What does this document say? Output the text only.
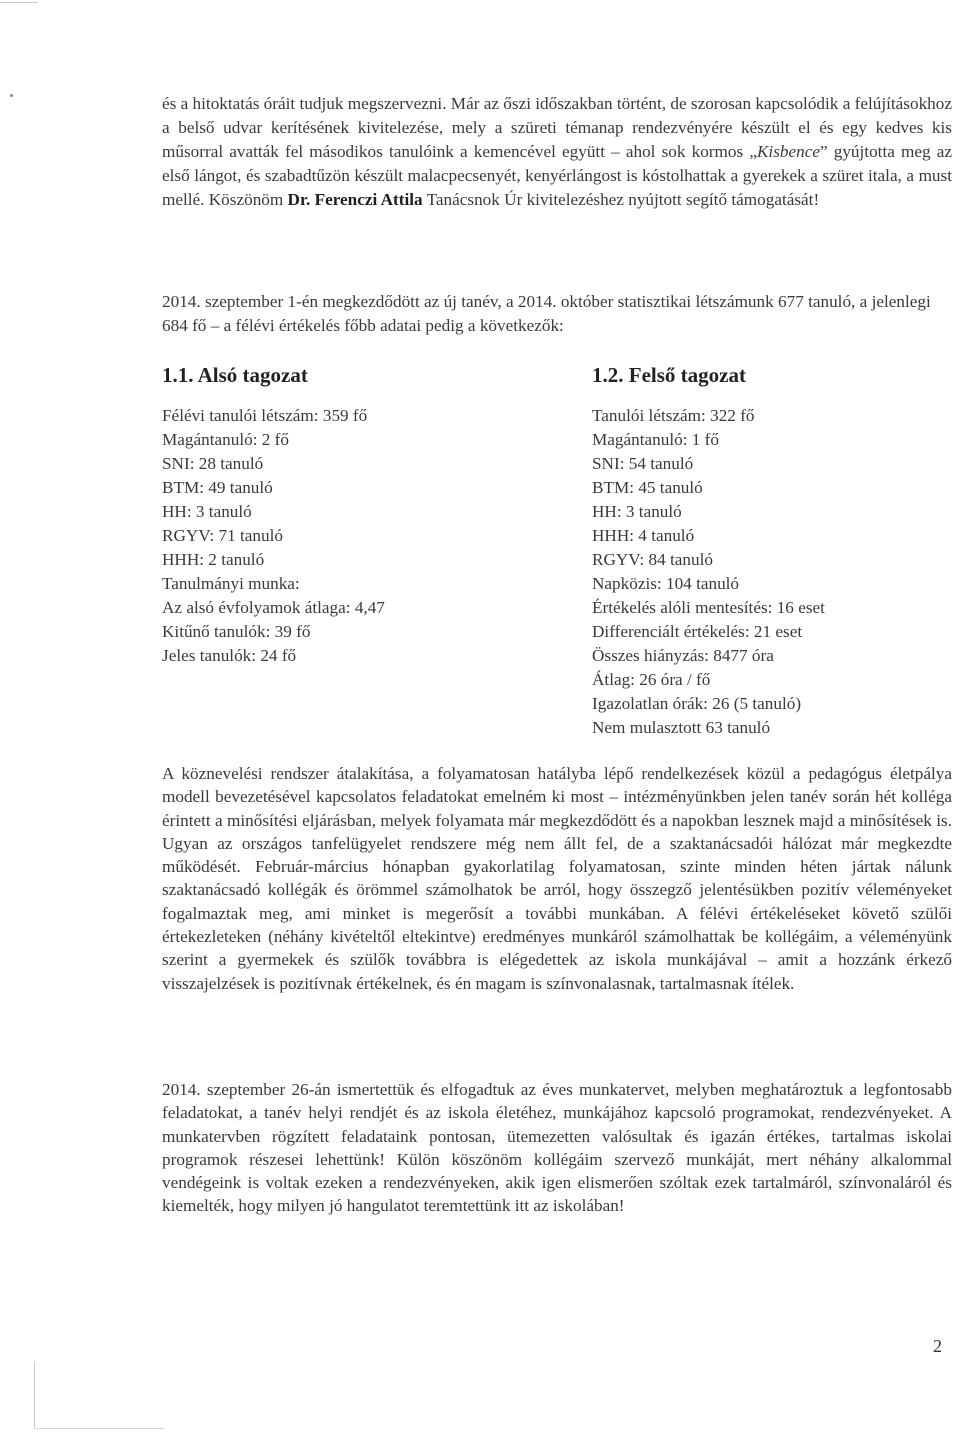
és a hitoktatás óráit tudjuk megszervezni. Már az őszi időszakban történt, de szorosan kapcsolódik a felújításokhoz a belső udvar kerítésének kivitelezése, mely a szüreti témanap rendezvényére készült el és egy kedves kis műsorral avatták fel másodikos tanulóink a kemencével együtt – ahol sok kormos „Kisbence” gyújtotta meg az első lángot, és szabadtűzön készült malacpecsenyét, kenyérlángost is kóstolhattak a gyerekek a szüret itala, a must mellé. Köszönöm Dr. Ferenczi Attila Tanácsnok Úr kivitelezéshez nyújtott segítő támogatását!

2014. szeptember 1-én megkezdődött az új tanév, a 2014. október statisztikai létszámunk 677 tanuló, a jelenlegi 684 fő – a félévi értékelés főbb adatai pedig a következők:

1.1. Alsó tagozat
Félévi tanulói létszám: 359 fő
Magántanuló: 2 fő
SNI: 28 tanuló
BTM: 49 tanuló
HH: 3 tanuló
RGYV: 71 tanuló
HHH: 2 tanuló
Tanulmányi munka:
Az alsó évfolyamok átlaga: 4,47
Kitűnő tanulók: 39 fő
Jeles tanulók: 24 fő
1.2. Felső tagozat
Tanulói létszám: 322 fő
Magántanuló: 1 fő
SNI: 54 tanuló
BTM: 45 tanuló
HH: 3 tanuló
HHH: 4 tanuló
RGYV: 84 tanuló
Napközis: 104 tanuló
Értékelés alóli mentesítés: 16 eset
Differenciált értékelés: 21 eset
Összes hiányzás: 8477 óra
Átlag: 26 óra / fő
Igazolatlan órák: 26 (5 tanuló)
Nem mulasztott 63 tanuló

A köznevelési rendszer átalakítása, a folyamatosan hatályba lépő rendelkezések közül a pedagógus életpálya modell bevezetésével kapcsolatos feladatokat emelném ki most – intézményünkben jelen tanév során hét kolléga érintett a minősítési eljárásban, melyek folyamata már megkezdődött és a napokban lesznek majd a minősítések is. Ugyan az országos tanfelügyelet rendszere még nem állt fel, de a szaktanácsadói hálózat már megkezdte működését. Február-március hónapban gyakorlatilag folyamatosan, szinte minden héten jártak nálunk szaktanácsadó kollégák és örömmel számolhatok be arról, hogy összegző jelentésükben pozitív véleményeket fogalmaztak meg, ami minket is megerősít a további munkában. A félévi értékeléseket követő szülői értekezleteken (néhány kivételtől eltekintve) eredményes munkáról számolhattak be kollégáim, a véleményünk szerint a gyermekek és szülők továbbra is elégedettek az iskola munkájával – amit a hozzánk érkező visszajelzések is pozitívnak értékelnek, és én magam is színvonalasnak, tartalmasnak ítélek.

2014. szeptember 26-án ismertettük és elfogadtuk az éves munkatervet, melyben meghatároztuk a legfontosabb feladatokat, a tanév helyi rendjét és az iskola életéhez, munkájához kapcsoló programokat, rendezvényeket. A munkatervben rögzített feladataink pontosan, ütemezetten valósultak és igazán értékes, tartalmas iskolai programok részesei lehettünk! Külön köszönöm kollégáim szervező munkáját, mert néhány alkalommal vendégeink is voltak ezeken a rendezvényeken, akik igen elismerően szóltak ezek tartalmáról, színvonaláról és kiemelték, hogy milyen jó hangulatot teremtettünk itt az iskolában!

2
